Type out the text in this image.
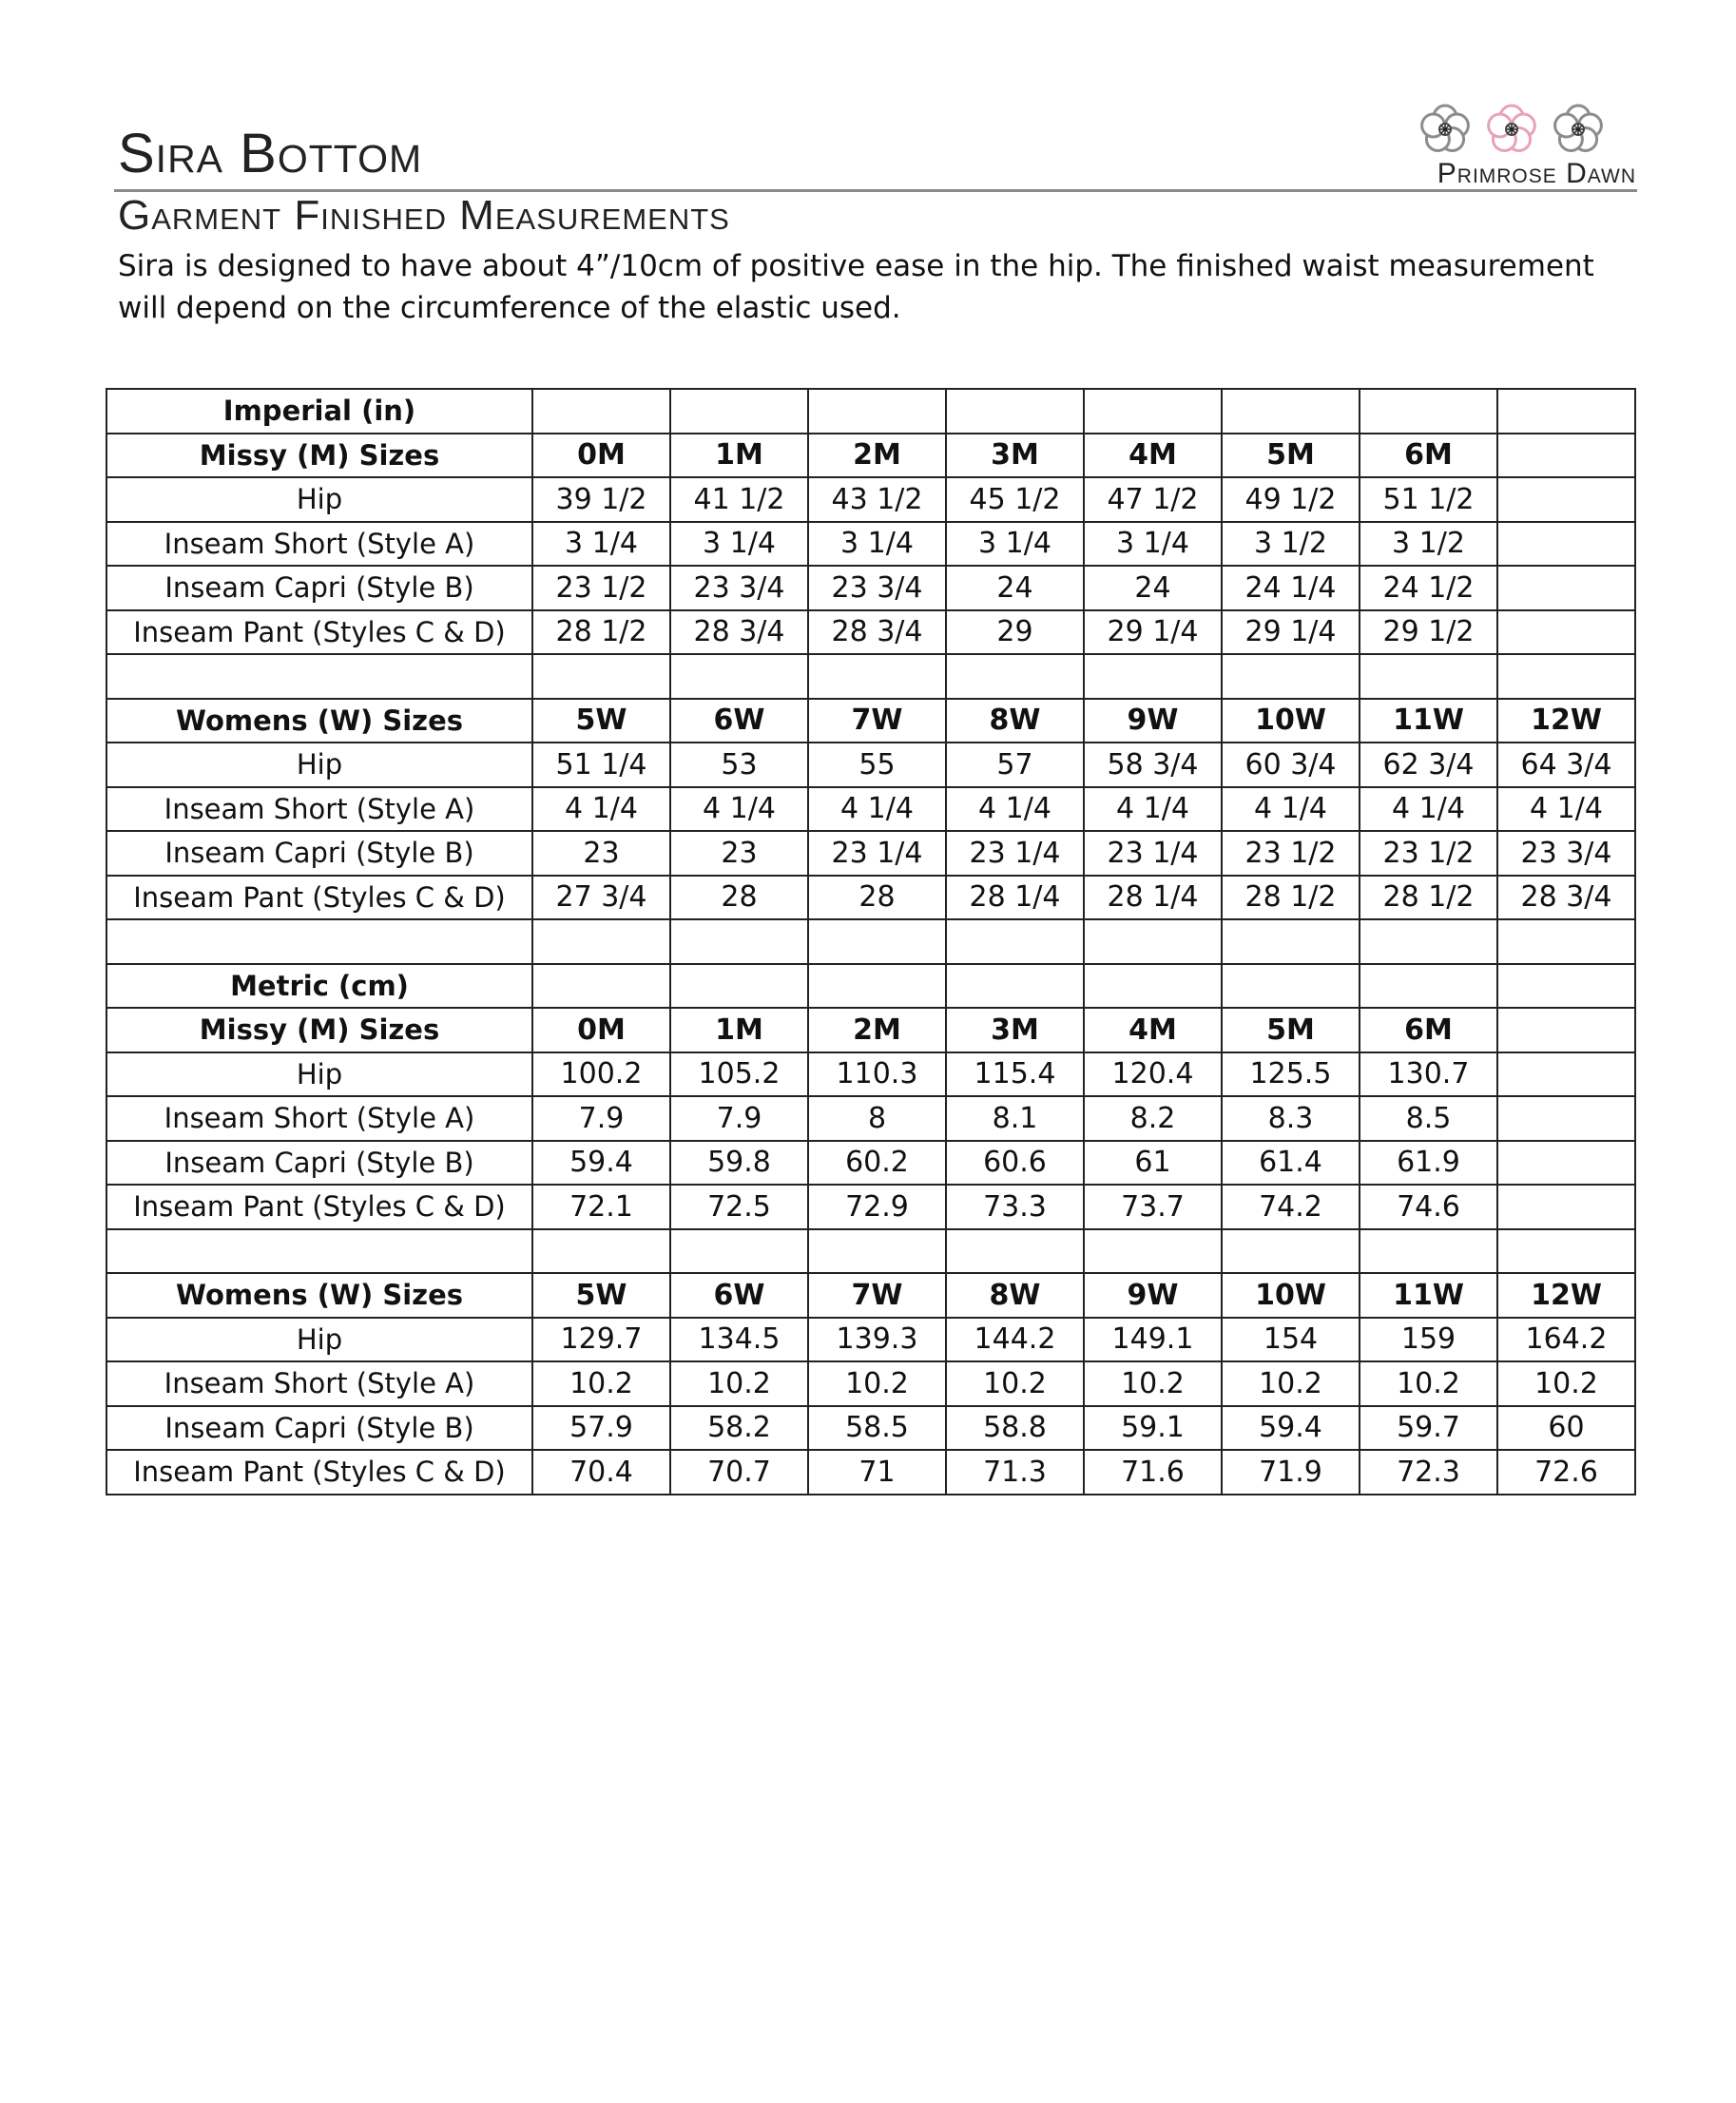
Sira Bottom	Primrose Dawn
Garment Finished Measurements

Sira is designed to have about 4”/10cm of positive ease in the hip. The finished waist measurement will depend on the circumference of the elastic used.

Imperial (in)								
Missy (M) Sizes	0M	1M	2M	3M	4M	5M	6M	
Hip	39 1/2	41 1/2	43 1/2	45 1/2	47 1/2	49 1/2	51 1/2	
Inseam Short (Style A)	3 1/4	3 1/4	3 1/4	3 1/4	3 1/4	3 1/2	3 1/2	
Inseam Capri (Style B)	23 1/2	23 3/4	23 3/4	24	24	24 1/4	24 1/2	
Inseam Pant (Styles C & D)	28 1/2	28 3/4	28 3/4	29	29 1/4	29 1/4	29 1/2	

Womens (W) Sizes	5W	6W	7W	8W	9W	10W	11W	12W
Hip	51 1/4	53	55	57	58 3/4	60 3/4	62 3/4	64 3/4
Inseam Short (Style A)	4 1/4	4 1/4	4 1/4	4 1/4	4 1/4	4 1/4	4 1/4	4 1/4
Inseam Capri (Style B)	23	23	23 1/4	23 1/4	23 1/4	23 1/2	23 1/2	23 3/4
Inseam Pant (Styles C & D)	27 3/4	28	28	28 1/4	28 1/4	28 1/2	28 1/2	28 3/4

Metric (cm)								
Missy (M) Sizes	0M	1M	2M	3M	4M	5M	6M	
Hip	100.2	105.2	110.3	115.4	120.4	125.5	130.7	
Inseam Short (Style A)	7.9	7.9	8	8.1	8.2	8.3	8.5	
Inseam Capri (Style B)	59.4	59.8	60.2	60.6	61	61.4	61.9	
Inseam Pant (Styles C & D)	72.1	72.5	72.9	73.3	73.7	74.2	74.6	

Womens (W) Sizes	5W	6W	7W	8W	9W	10W	11W	12W
Hip	129.7	134.5	139.3	144.2	149.1	154	159	164.2
Inseam Short (Style A)	10.2	10.2	10.2	10.2	10.2	10.2	10.2	10.2
Inseam Capri (Style B)	57.9	58.2	58.5	58.8	59.1	59.4	59.7	60
Inseam Pant (Styles C & D)	70.4	70.7	71	71.3	71.6	71.9	72.3	72.6
